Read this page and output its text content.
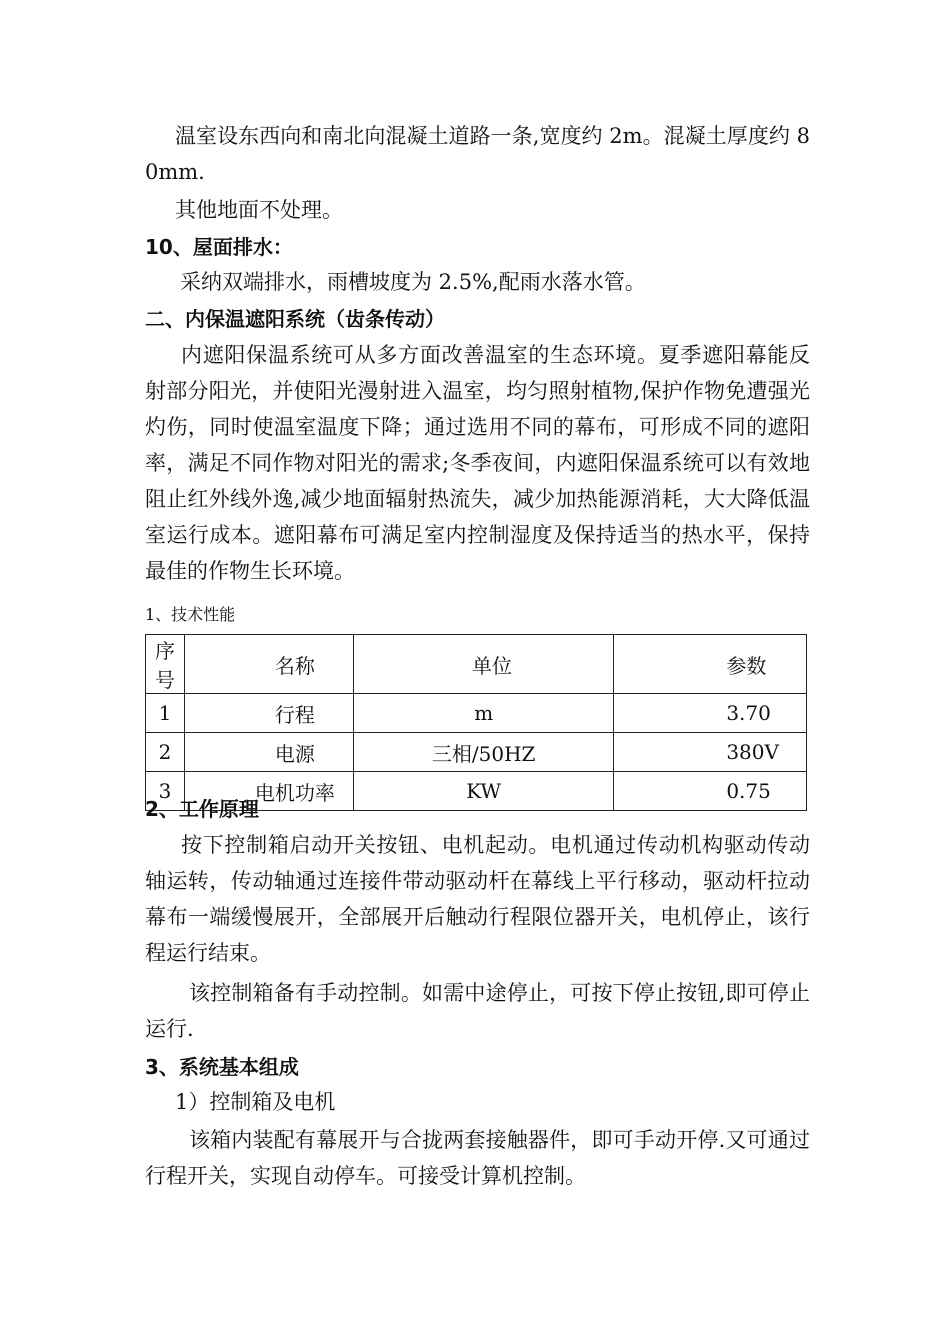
温室设东西向和南北向混凝土道路一条,宽度约 2m。混凝土厚度约 80mm.

其他地面不处理。

10、屋面排水：

采纳双端排水，雨槽坡度为 2.5%,配雨水落水管。

二、内保温遮阳系统（齿条传动）

内遮阳保温系统可从多方面改善温室的生态环境。夏季遮阳幕能反射部分阳光，并使阳光漫射进入温室，均匀照射植物,保护作物免遭强光灼伤，同时使温室温度下降；通过选用不同的幕布，可形成不同的遮阳率，满足不同作物对阳光的需求;冬季夜间，内遮阳保温系统可以有效地阻止红外线外逸,减少地面辐射热流失，减少加热能源消耗，大大降低温室运行成本。遮阳幕布可满足室内控制湿度及保持适当的热水平，保持最佳的作物生长环境。

1、技术性能

序号	名称	单位	参数
1	行程	m	3.70
2	电源	三相/50HZ	380V
3	电机功率	KW	0.75
2、工作原理

按下控制箱启动开关按钮、电机起动。电机通过传动机构驱动传动轴运转，传动轴通过连接件带动驱动杆在幕线上平行移动，驱动杆拉动幕布一端缓慢展开，全部展开后触动行程限位器开关，电机停止，该行程运行结束。

该控制箱备有手动控制。如需中途停止，可按下停止按钮,即可停止运行.

3、系统基本组成

1）控制箱及电机

该箱内装配有幕展开与合拢两套接触器件，即可手动开停.又可通过行程开关，实现自动停车。可接受计算机控制。
